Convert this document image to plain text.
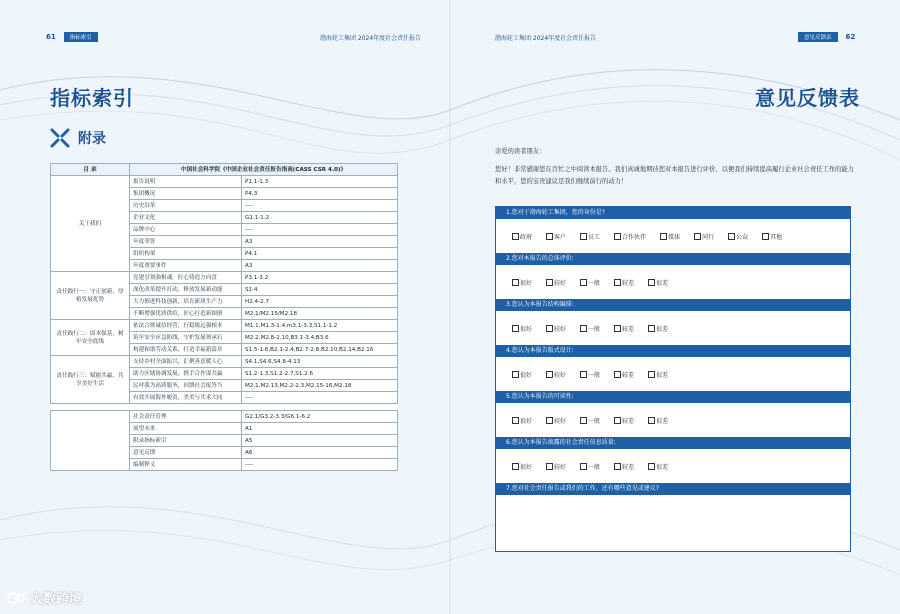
61	指标索引	渤海轮工集团 2024年度社会责任报告
指标索引
附录
目 录	中国社会科学院《中国企业社会责任报告指南(CASS CSR 4.0)》	
关于我们	报告说明	P1.1-1.3
	集团概况	P4.3
	历史沿革	----
	企业文化	G1.1-1.2
	品牌中心	----
	年度荣誉	A3
	组织构架	P4.1
	年度重要事件	A3
责任践行一：守正创新，厚植发展优势	党建引领强根魂，匠心铸造方向盘	P3.1-3.2
	深化改革提升打动，释放发展新动能	S1.4
	大力推进科技创新，培育新质生产力	H2.4-2.7
	不断增强优质供给，匠心打造新图册	M2.1/M2.15/M2.18
责任践行二：固本强基，树牢安全底线	依法合规诚信经营，行稳致远强根本	M1.1,M1.3-1.4,m3.1-3.3,S1.1-1.2
	筑牢安全应急防线，守护发展领承石	M2.2,M2.8-2.10,B3.1-3.4,B3.6
	构建和谐劳动关系，打造幸福新篇章	S1.5-1.6,B2.1-2.4,B2.7-2.8,B2.10,B2.14,B2.16
责任践行三：赋能共赢，共享美好生活	支持乡村全面振兴，汇聚善意暖人心	S4.1,S4.6,S4.8-4.13
	助力区域协调发展，携手合作谋共赢	S1.2-1.3,S1.2-2.7,S1.2.6
	民呼我为高质服务，回馈社会报答当	M2.1,M2.13,M2.2-2.3,M2.15-16,M2.18
	有效开展海外履责，美美与共求大同	----

	社会责任管理	G2.1/G3.2-3.3/G6.1-6.2
	展望未来	A1
	附录指标索引	A5
	意见反馈	A6
	编制释义	----
渤海轮工集团 2024年度社会责任报告	意见反馈表	62
意见反馈表
亲爱的读者朋友：
您好！非常感谢您在百忙之中阅读本报告。我们真诚地期待您对本报告进行评价，以便我们持续提高履行企业社会责任工作的能力和水平，您的宝贵建议是我们继续前行的动力！
1.您对于渤海轮工集团，您的身份是?
政府	客户	员工	合作伙伴	媒体	同行	公众	其他
2.您对本报告的总体评价:
很好	较好	一般	较差	很差
3.您认为本报告结构编排:
很好	较好	一般	较差	很差
4.您认为本报告版式设计:
很好	较好	一般	较差	很差
5.您认为本报告的可读性:
很好	较好	一般	较差	很差
6.您认为本报告披露的社会责任信息质量:
很好	较好	一般	较差	很差
7.您对社会责任报告或我们的工作，还有哪些意见或建议?
大数跨境
